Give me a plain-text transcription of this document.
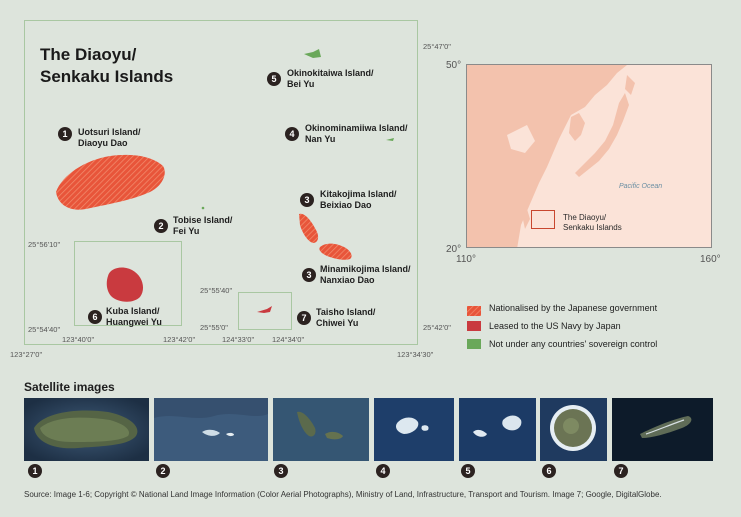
The Diaoyu/
Senkaku Islands
25°47'0"
25°42'0"
123°27'0"	123°34'30"
25°56'10"
25°54'40"
123°40'0"	123°42'0"
25°55'40"
25°55'0"
124°33'0" 124°34'0"
1	Uotsuri Island/
Diaoyu Dao
2
Tobise Island/
Fei Yu
3
Kitakojima Island/
Beixiao Dao
3
Minamikojima Island/
Nanxiao Dao
4
Okinominamiiwa Island/
Nan Yu
5
Okinokitaiwa Island/
Bei Yu
6
Kuba Island/
Huangwei Yu	7
Taisho Island/
Chiwei Yu
The Diaoyu/
Senkaku Islands
Pacific Ocean
50°
20°
110°	160°
Nationalised by the Japanese government
Leased to the US Navy by Japan
Not under any countries' sovereign control
Satellite images
1	2	3	4	5	6	7
Source: Image 1-6; Copyright © National Land Image Information (Color Aerial Photographs), Ministry of Land, Infrastructure, Transport and Tourism. Image 7; Google, DigitalGlobe.
